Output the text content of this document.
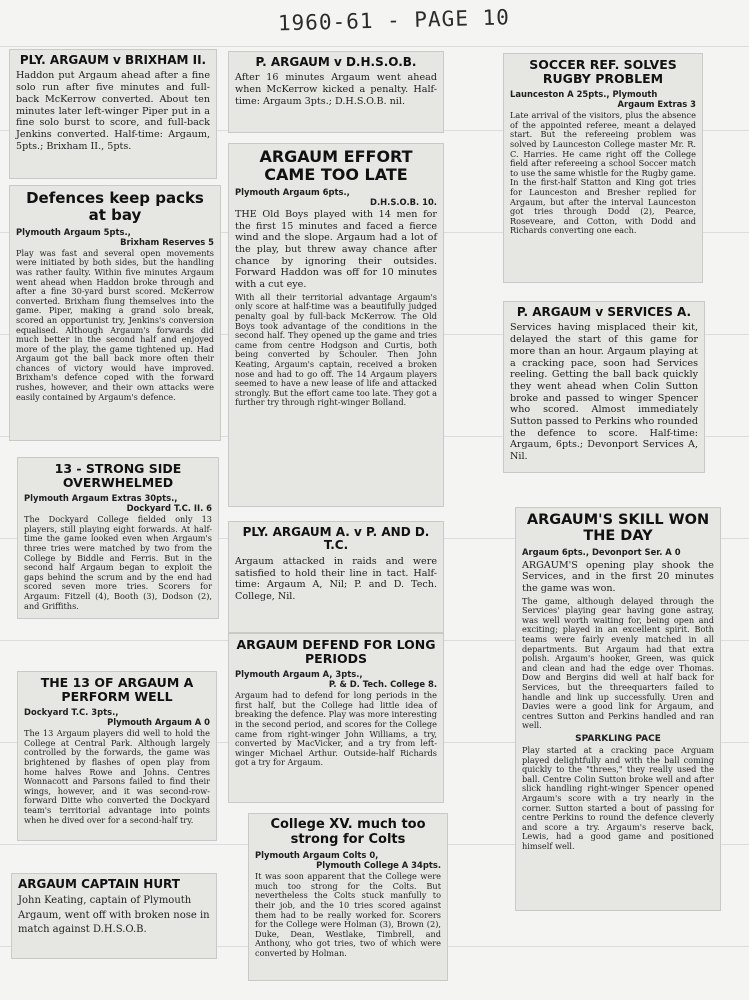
1960-61 - PAGE 10
PLY. ARGAUM v BRIXHAM II.
Haddon put Argaum ahead after a fine solo run after five minutes and full-back McKerrow converted. About ten minutes later left-winger Piper put in a fine solo burst to score, and full-back Jenkins converted. Half-time: Argaum, 5pts.; Brixham II., 5pts.
Defences keep packs at bay
Plymouth Argaum 5pts.,
Brixham Reserves 5
Play was fast and several open movements were initiated by both sides, but the handling was rather faulty. Within five minutes Argaum went ahead when Haddon broke through and after a fine 30-yard burst scored. McKerrow converted. Brixham flung themselves into the game. Piper, making a grand solo break, scored an opportunist try, Jenkins's conversion equalised. Although Argaum's forwards did much better in the second half and enjoyed more of the play, the game tightened up. Had Argaum got the ball back more often their chances of victory would have improved. Brixham's defence coped with the forward rushes, however, and their own attacks were easily contained by Argaum's defence.
13 - STRONG SIDE OVERWHELMED
Plymouth Argaum Extras 30pts.,
Dockyard T.C. II. 6
The Dockyard College fielded only 13 players, still playing eight forwards. At half-time the game looked even when Argaum's three tries were matched by two from the College by Biddle and Ferris. But in the second half Argaum began to exploit the gaps behind the scrum and by the end had scored seven more tries. Scorers for Argaum: Fitzell (4), Booth (3), Dodson (2), and Griffiths.
THE 13 OF ARGAUM A PERFORM WELL
Dockyard T.C. 3pts.,
Plymouth Argaum A 0
The 13 Argaum players did well to hold the College at Central Park. Although largely controlled by the forwards, the game was brightened by flashes of open play from home halves Rowe and Johns. Centres Wonnacott and Parsons failed to find their wings, however, and it was second-row-forward Ditte who converted the Dockyard team's territorial advantage into points when he dived over for a second-half try.
ARGAUM CAPTAIN HURT
John Keating, captain of Plymouth Argaum, went off with broken nose in match against D.H.S.O.B.
P. ARGAUM v D.H.S.O.B.
After 16 minutes Argaum went ahead when McKerrow kicked a penalty. Half-time: Argaum 3pts.; D.H.S.O.B. nil.
ARGAUM EFFORT CAME TOO LATE
Plymouth Argaum 6pts.,
D.H.S.O.B. 10.
THE Old Boys played with 14 men for the first 15 minutes and faced a fierce wind and the slope. Argaum had a lot of the play, but threw away chance after chance by ignoring their outsides. Forward Haddon was off for 10 minutes with a cut eye.
With all their territorial advantage Argaum's only score at half-time was a beautifully judged penalty goal by full-back McKerrow. The Old Boys took advantage of the conditions in the second half. They opened up the game and tries came from centre Hodgson and Curtis, both being converted by Schouler. Then John Keating, Argaum's captain, received a broken nose and had to go off. The 14 Argaum players seemed to have a new lease of life and attacked strongly. But the effort came too late. They got a further try through right-winger Bolland.
PLY. ARGAUM A. v P. AND D. T.C.
Argaum attacked in raids and were satisfied to hold their line in tact. Half-time: Argaum A, Nil; P. and D. Tech. College, Nil.
ARGAUM DEFEND FOR LONG PERIODS
Plymouth Argaum A, 3pts.,
P. & D. Tech. College 8.
Argaum had to defend for long periods in the first half, but the College had little idea of breaking the defence. Play was more interesting in the second period, and scores for the College came from right-winger John Williams, a try, converted by MacVicker, and a try from left-winger Michael Arthur. Outside-half Richards got a try for Argaum.
College XV. much too strong for Colts
Plymouth Argaum Colts 0,
Plymouth College A 34pts.
It was soon apparent that the College were much too strong for the Colts. But nevertheless the Colts stuck manfully to their job, and the 10 tries scored against them had to be really worked for. Scorers for the College were Holman (3), Brown (2), Duke, Dean, Westlake, Timbrell, and Anthony, who got tries, two of which were converted by Holman.
SOCCER REF. SOLVES RUGBY PROBLEM
Launceston A 25pts., Plymouth
Argaum Extras 3
Late arrival of the visitors, plus the absence of the appointed referee, meant a delayed start. But the refereeing problem was solved by Launceston College master Mr. R. C. Harries. He came right off the College field after refereeing a school Soccer match to use the same whistle for the Rugby game. In the first-half Statton and King got tries for Launceston and Bresher replied for Argaum, but after the interval Launceston got tries through Dodd (2), Pearce, Roseveare, and Cotton, with Dodd and Richards converting one each.
P. ARGAUM v SERVICES A.
Services having misplaced their kit, delayed the start of this game for more than an hour. Argaum playing at a cracking pace, soon had Services reeling. Getting the ball back quickly they went ahead when Colin Sutton broke and passed to winger Spencer who scored. Almost immediately Sutton passed to Perkins who rounded the defence to score. Half-time: Argaum, 6pts.; Devonport Services A, Nil.
ARGAUM'S SKILL WON THE DAY
Argaum 6pts., Devonport Ser. A 0
ARGAUM'S opening play shook the Services, and in the first 20 minutes the game was won.
The game, although delayed through the Services' playing gear having gone astray, was well worth waiting for, being open and exciting; played in an excellent spirit. Both teams were fairly evenly matched in all departments. But Argaum had that extra polish. Argaum's hooker, Green, was quick and clean and had the edge over Thomas. Dow and Bergins did well at half back for Services, but the threequarters failed to handle and link up successfully. Uren and Davies were a good link for Argaum, and centres Sutton and Perkins handled and ran well.
SPARKLING PACE
Play started at a cracking pace Arguam played delightfully and with the ball coming quickly to the "threes," they really used the ball. Centre Colin Sutton broke well and after slick handling right-winger Spencer opened Argaum's score with a try nearly in the corner. Sutton started a bout of passing for centre Perkins to round the defence cleverly and score a try. Argaum's reserve back, Lewis, had a good game and positioned himself well.
